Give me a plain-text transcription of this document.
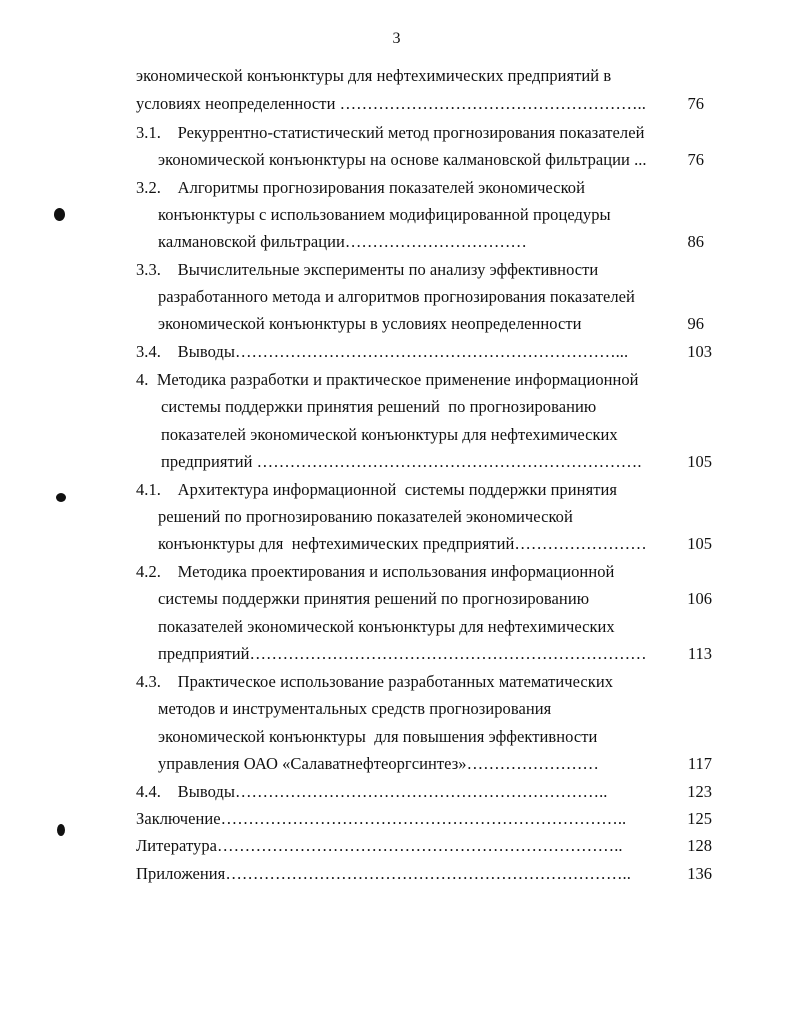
3
экономической конъюнктуры для нефтехимических предприятий в
условиях неопределенности ………………………………………………..	76
3.1.    Рекуррентно-статистический метод прогнозирования показателей
экономической конъюнктуры на основе калмановской фильтрации ...	76
3.2.    Алгоритмы прогнозирования показателей экономической
конъюнктуры с использованием модифицированной процедуры
калмановской фильтрации……………………………	86
3.3.    Вычислительные эксперименты по анализу эффективности
разработанного метода и алгоритмов прогнозирования показателей
экономической конъюнктуры в условиях неопределенности	96
3.4.    Выводы……………………………………………………………...	103
4.  Методика разработки и практическое применение информационной
системы поддержки принятия решений  по прогнозированию
показателей экономической конъюнктуры для нефтехимических
предприятий …………………………………………………………….	105
4.1.    Архитектура информационной  системы поддержки принятия
решений по прогнозированию показателей экономической
конъюнктуры для  нефтехимических предприятий……………………	105
4.2.    Методика проектирования и использования информационной
системы поддержки принятия решений по прогнозированию	106
показателей экономической конъюнктуры для нефтехимических
предприятий………………………………………………………………	113
4.3.    Практическое использование разработанных математических
методов и инструментальных средств прогнозирования
экономической конъюнктуры  для повышения эффективности
управления ОАО «Салаватнефтеоргсинтез»……………………	117
4.4.    Выводы…………………………………………………………..	123
Заключение………………………………………………………………..	125
Литература………………………………………………………………..	128
Приложения………………………………………………………………..	136
